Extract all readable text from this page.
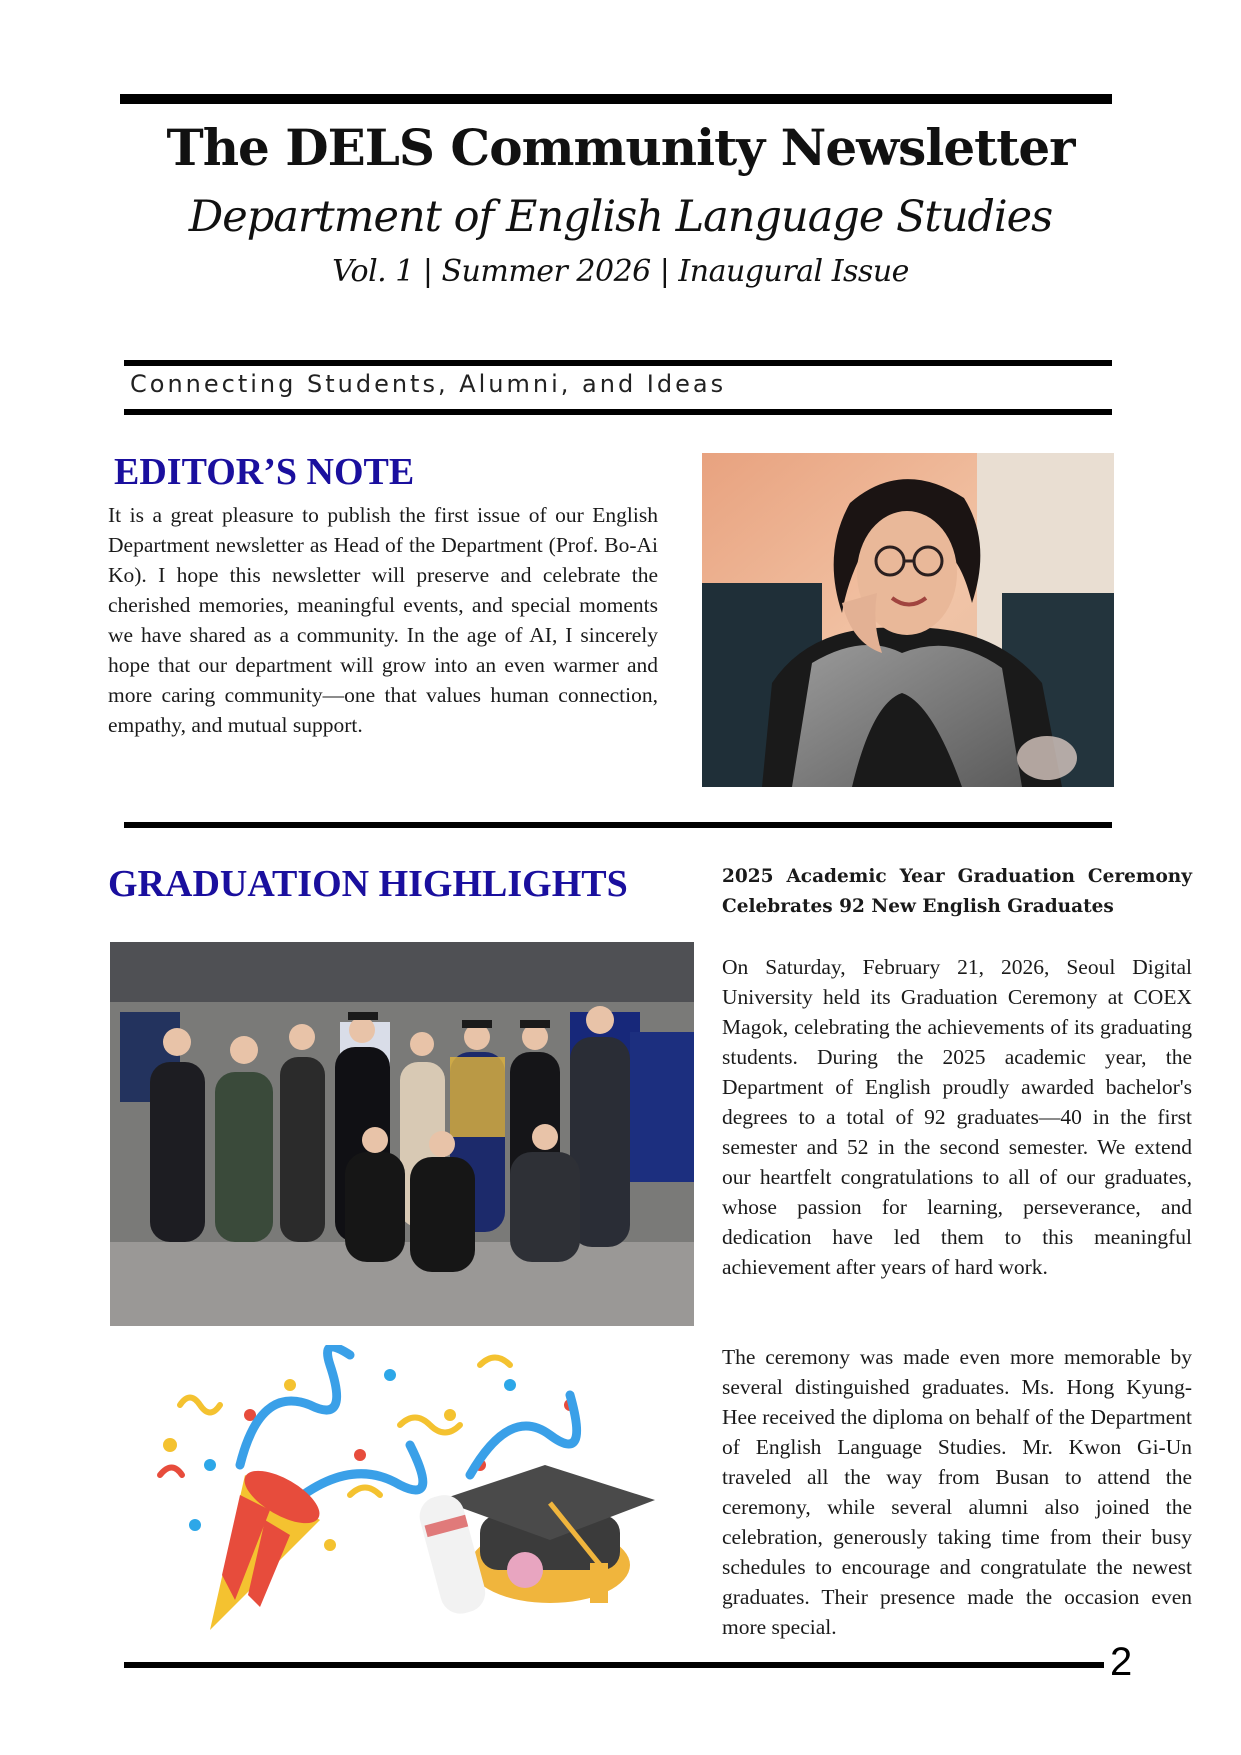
The DELS Community Newsletter
Department of English Language Studies
Vol. 1 | Summer 2026 | Inaugural Issue
Connecting Students, Alumni, and Ideas
EDITOR’S NOTE

It is a great pleasure to publish the first issue of our English Department newsletter as Head of the Department (Prof. Bo-Ai Ko). I hope this newsletter will preserve and celebrate the cherished memories, meaningful events, and special moments we have shared as a community. In the age of AI, I sincerely hope that our department will grow into an even warmer and more caring community—one that values human connection, empathy, and mutual support.

GRADUATION HIGHLIGHTS	2025 Academic Year Graduation Ceremony Celebrates 92 New English Graduates

On Saturday, February 21, 2026, Seoul Digital University held its Graduation Ceremony at COEX Magok, celebrating the achievements of its graduating students. During the 2025 academic year, the Department of English proudly awarded bachelor's degrees to a total of 92 graduates—40 in the first semester and 52 in the second semester. We extend our heartfelt congratulations to all of our graduates, whose passion for learning, perseverance, and dedication have led them to this meaningful achievement after years of hard work.

The ceremony was made even more memorable by several distinguished graduates. Ms. Hong Kyung-Hee received the diploma on behalf of the Department of English Language Studies. Mr. Kwon Gi-Un traveled all the way from Busan to attend the ceremony, while several alumni also joined the celebration, generously taking time from their busy schedules to encourage and congratulate the newest graduates. Their presence made the occasion even more special.

2
